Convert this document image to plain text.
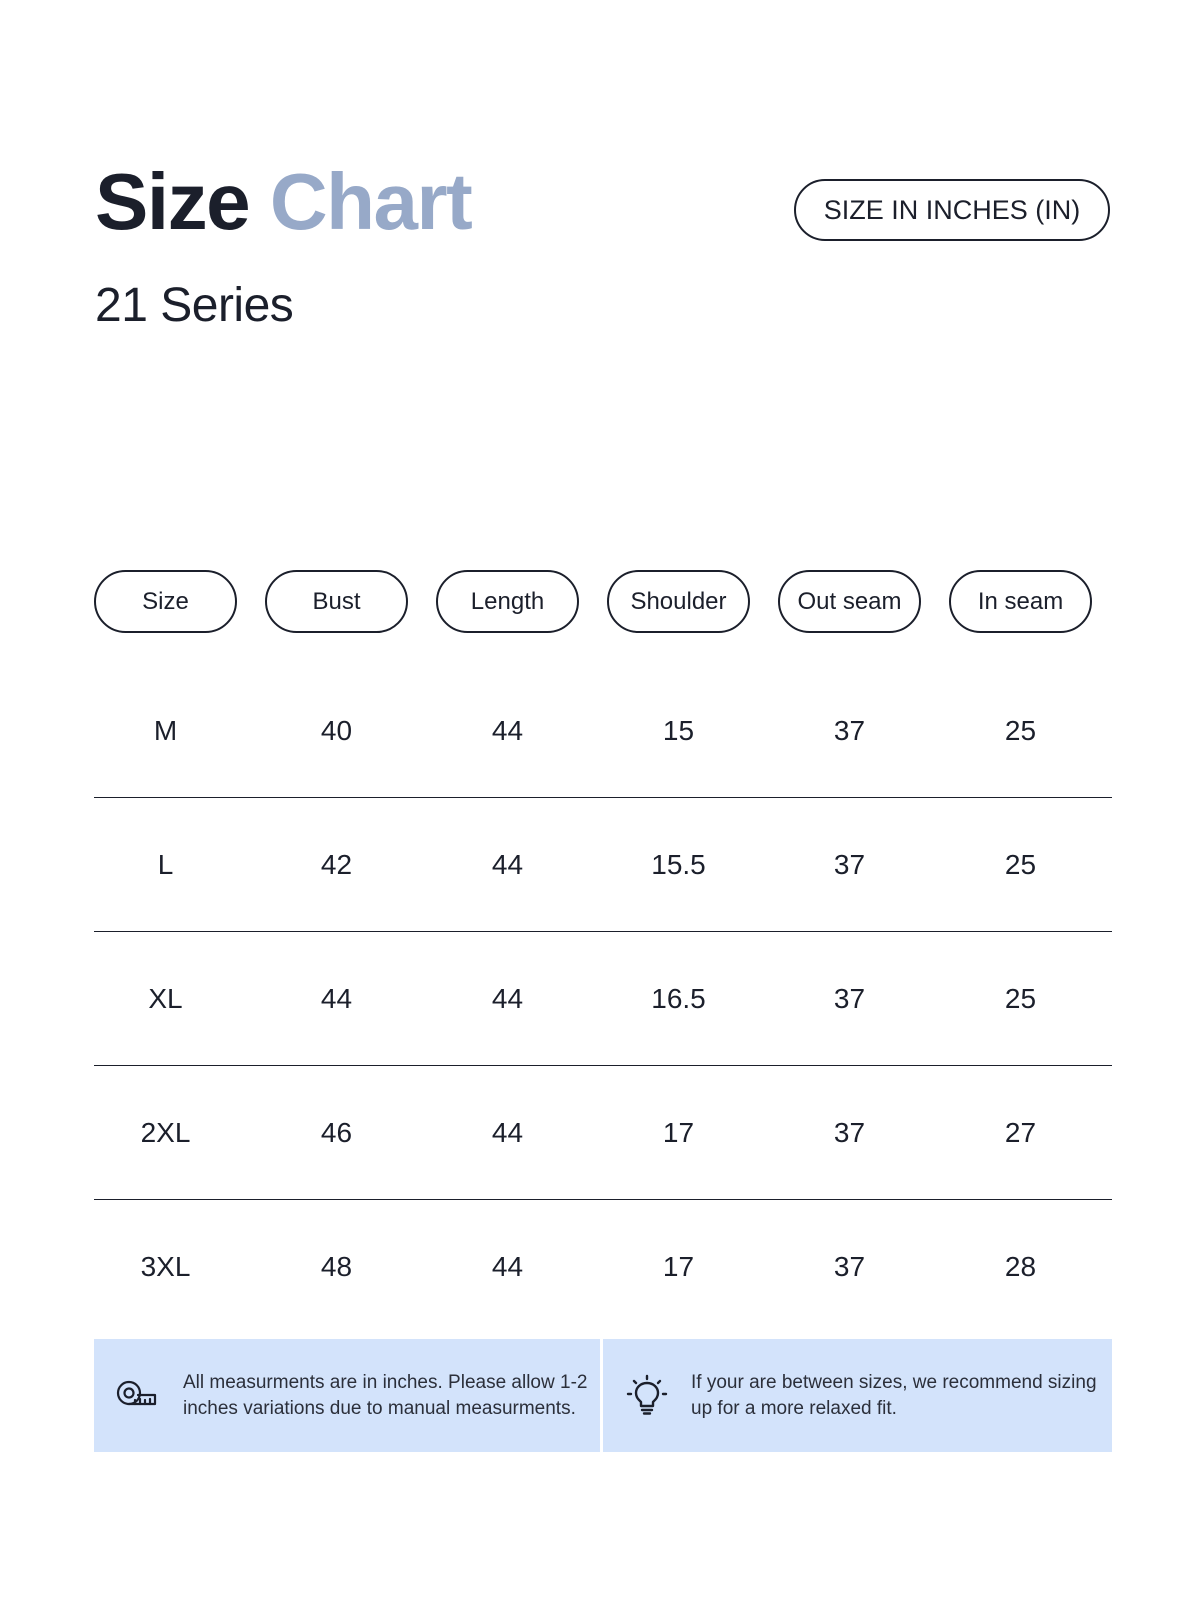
Size Chart
21 Series
SIZE IN INCHES (IN)
Size	Bust	Length	Shoulder	Out seam	In seam
M	40	44	15	37	25
L	42	44	15.5	37	25
XL	44	44	16.5	37	25
2XL	46	44	17	37	27
3XL	48	44	17	37	28
All measurments are in inches. Please allow 1-2 inches variations due to manual measurments.
If your are between sizes, we recommend sizing up for a more relaxed fit.
